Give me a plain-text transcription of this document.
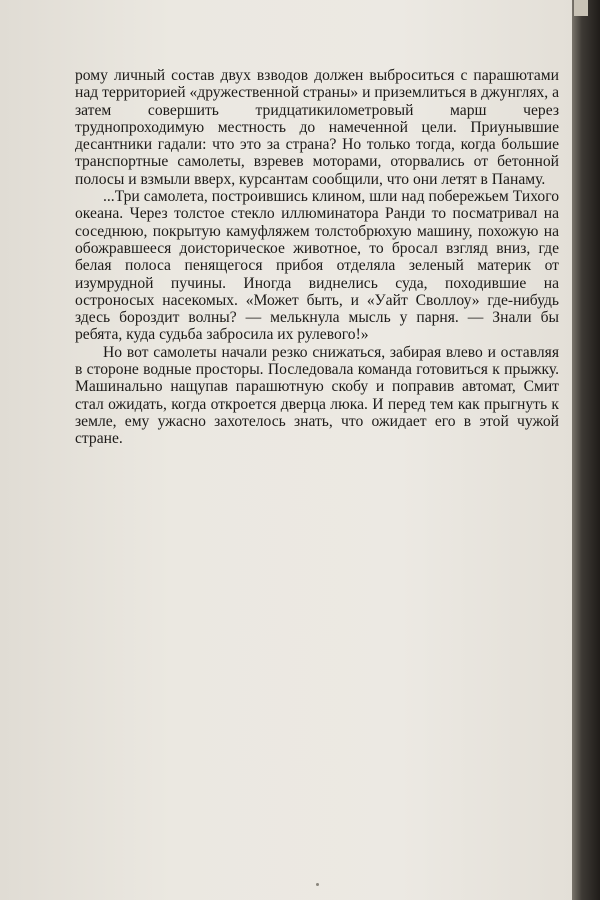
рому личный состав двух взводов должен выброситься с парашютами над территорией «дружественной страны» и приземлиться в джунглях, а затем совершить тридцатикилометровый марш через труднопроходимую местность до намеченной цели. Приунывшие десантники гадали: что это за страна? Но только тогда, когда большие транспортные самолеты, взревев моторами, оторвались от бетонной полосы и взмыли вверх, курсантам сообщили, что они летят в Панаму.

...Три самолета, построившись клином, шли над побережьем Тихого океана. Через толстое стекло иллюминатора Ранди то посматривал на соседнюю, покрытую камуфляжем толстобрюхую машину, похожую на обожравшееся доисторическое животное, то бросал взгляд вниз, где белая полоса пенящегося прибоя отделяла зеленый материк от изумрудной пучины. Иногда виднелись суда, походившие на остроносых насекомых. «Может быть, и «Уайт Своллоу» где-нибудь здесь бороздит волны? — мелькнула мысль у парня. — Знали бы ребята, куда судьба забросила их рулевого!»

Но вот самолеты начали резко снижаться, забирая влево и оставляя в стороне водные просторы. Последовала команда готовиться к прыжку. Машинально нащупав парашютную скобу и поправив автомат, Смит стал ожидать, когда откроется дверца люка. И перед тем как прыгнуть к земле, ему ужасно захотелось знать, что ожидает его в этой чужой стране.
